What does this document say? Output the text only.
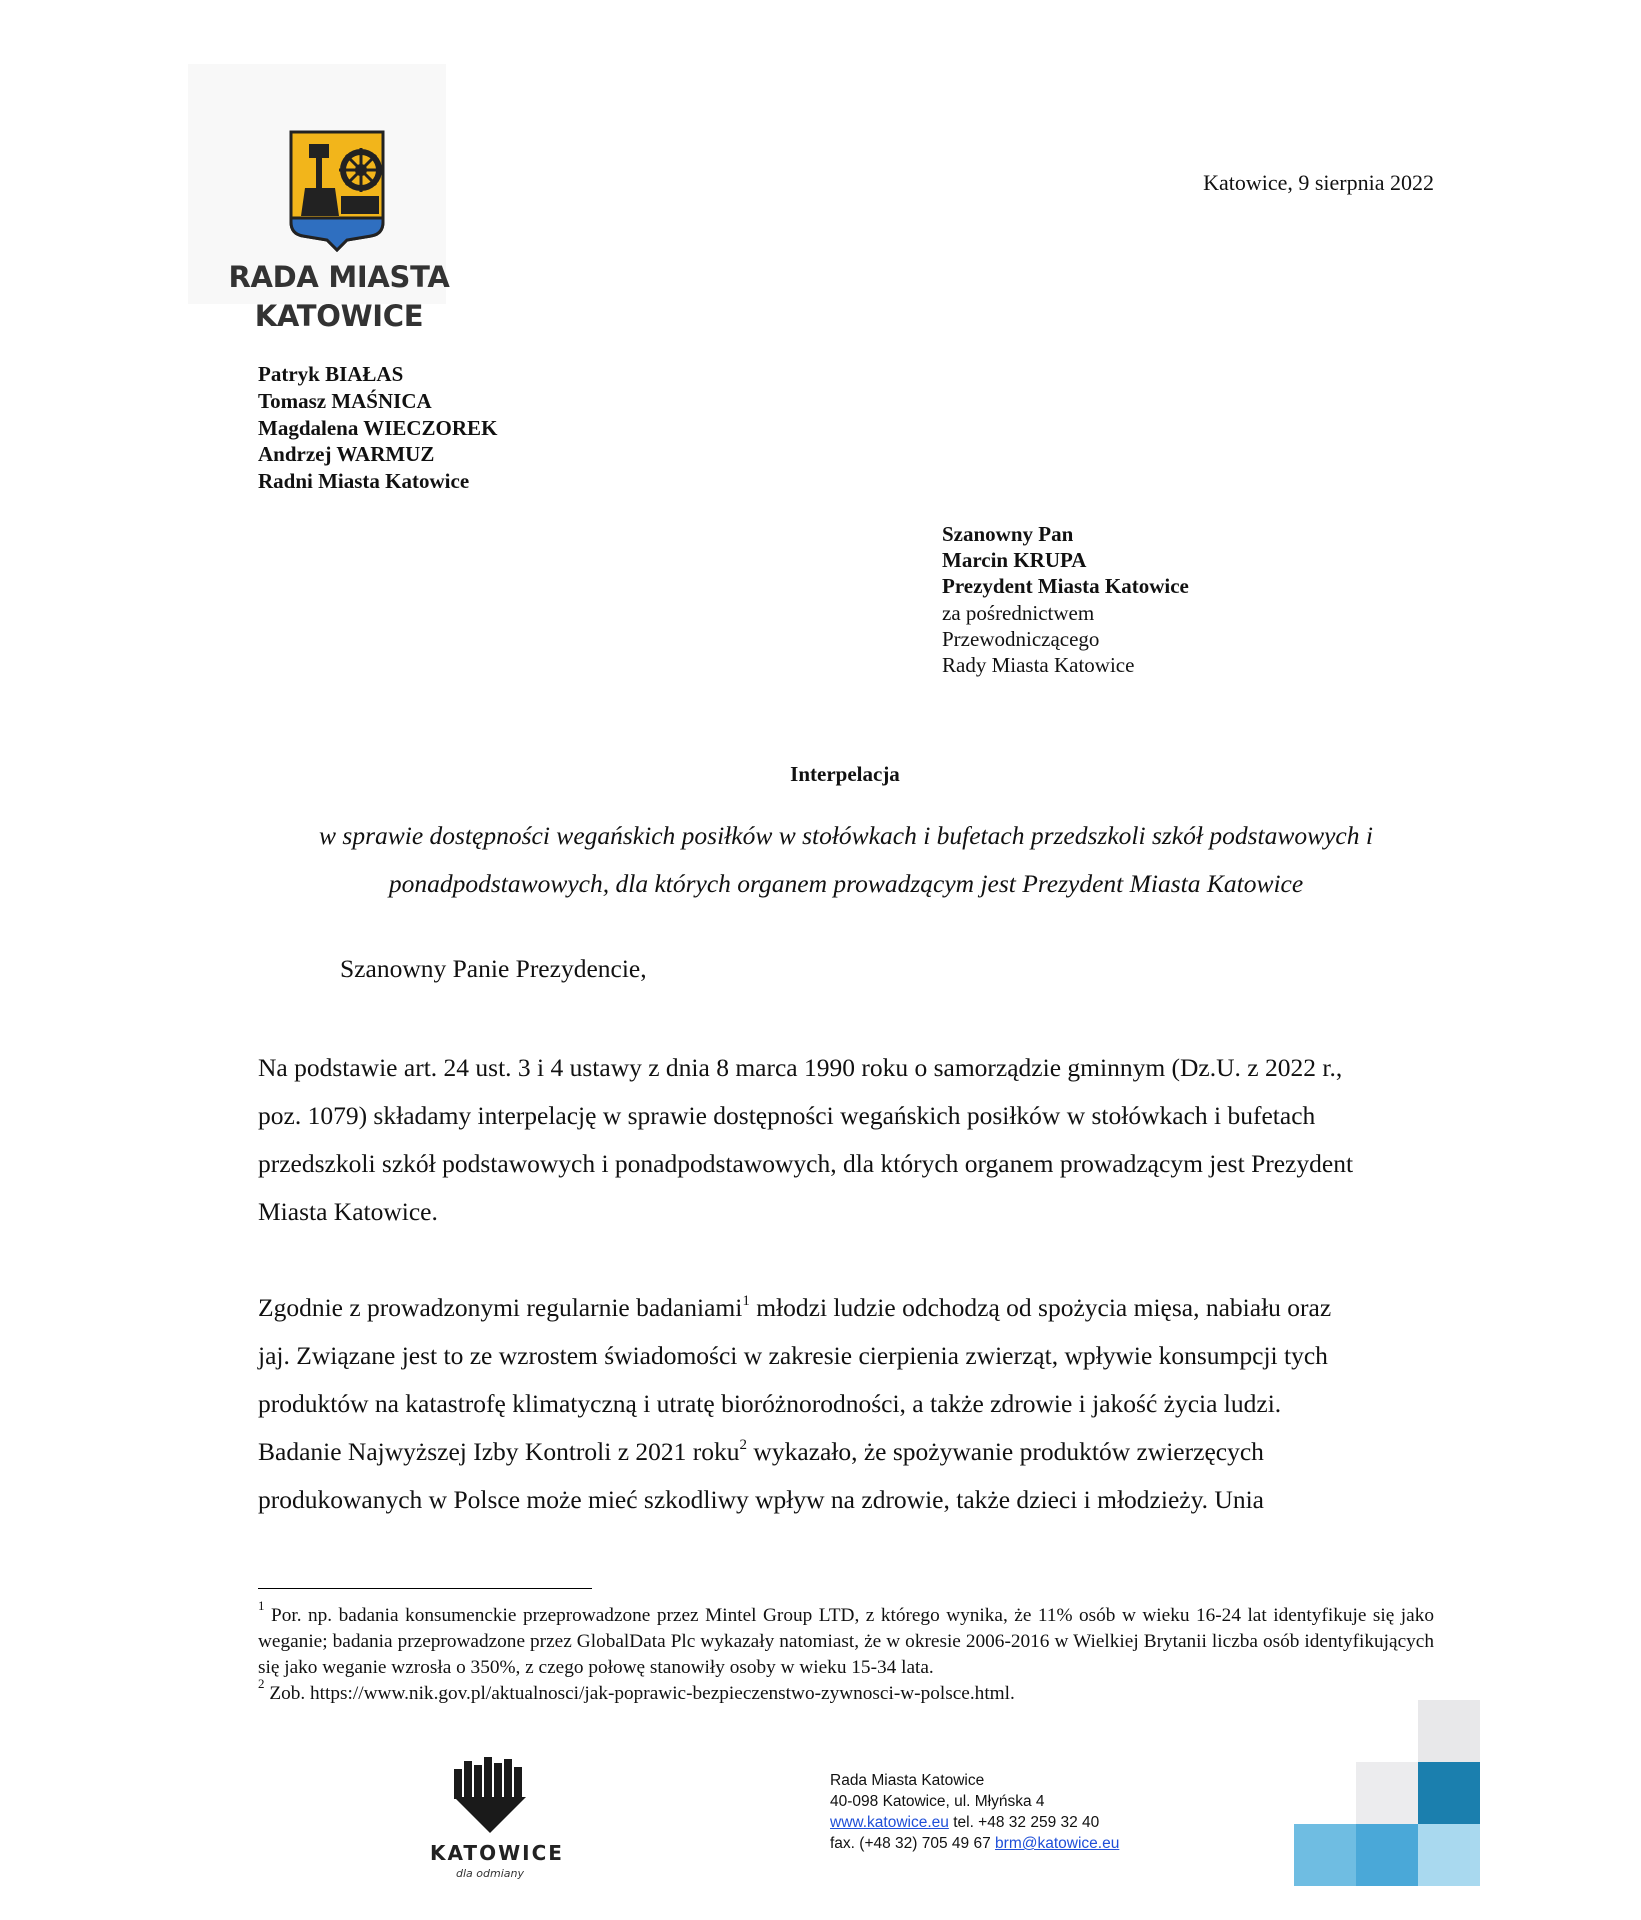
RADA MIASTA
KATOWICE
Katowice, 9 sierpnia 2022
Patryk BIAŁAS
Tomasz MAŚNICA
Magdalena WIECZOREK
Andrzej WARMUZ
Radni Miasta Katowice
Szanowny Pan
Marcin KRUPA
Prezydent Miasta Katowice
za pośrednictwem
Przewodniczącego
Rady Miasta Katowice
Interpelacja
w sprawie dostępności wegańskich posiłków w stołówkach i bufetach przedszkoli szkół podstawowych i
ponadpodstawowych, dla których organem prowadzącym jest Prezydent Miasta Katowice
Szanowny Panie Prezydencie,
Na podstawie art. 24 ust. 3 i 4 ustawy z dnia 8 marca 1990 roku o samorządzie gminnym (Dz.U. z 2022 r.,
poz. 1079) składamy interpelację w sprawie dostępności wegańskich posiłków w stołówkach i bufetach
przedszkoli szkół podstawowych i ponadpodstawowych, dla których organem prowadzącym jest Prezydent
Miasta Katowice.
Zgodnie z prowadzonymi regularnie badaniami$^1$ młodzi ludzie odchodzą od spożycia mięsa, nabiału oraz
jaj. Związane jest to ze wzrostem świadomości w zakresie cierpienia zwierząt, wpływie konsumpcji tych
produktów na katastrofę klimatyczną i utratę bioróżnorodności, a także zdrowie i jakość życia ludzi.
Badanie Najwyższej Izby Kontroli z 2021 roku$^2$ wykazało, że spożywanie produktów zwierzęcych
produkowanych w Polsce może mieć szkodliwy wpływ na zdrowie, także dzieci i młodzieży. Unia
$^1$ Por. np. badania konsumenckie przeprowadzone przez Mintel Group LTD, z którego wynika, że 11% osób w wieku 16-24 lat identyfikuje się jako weganie; badania przeprowadzone przez GlobalData Plc wykazały natomiast, że w okresie 2006-2016 w Wielkiej Brytanii liczba osób identyfikujących się jako weganie wzrosła o 350%, z czego połowę stanowiły osoby w wieku 15-34 lata.
$^2$ Zob. https://www.nik.gov.pl/aktualnosci/jak-poprawic-bezpieczenstwo-zywnosci-w-polsce.html.
KATOWICE
dla odmiany
Rada Miasta Katowice
40-098 Katowice, ul. Młyńska 4
www.katowice.eu tel. +48 32 259 32 40
fax. (+48 32) 705 49 67 brm@katowice.eu
